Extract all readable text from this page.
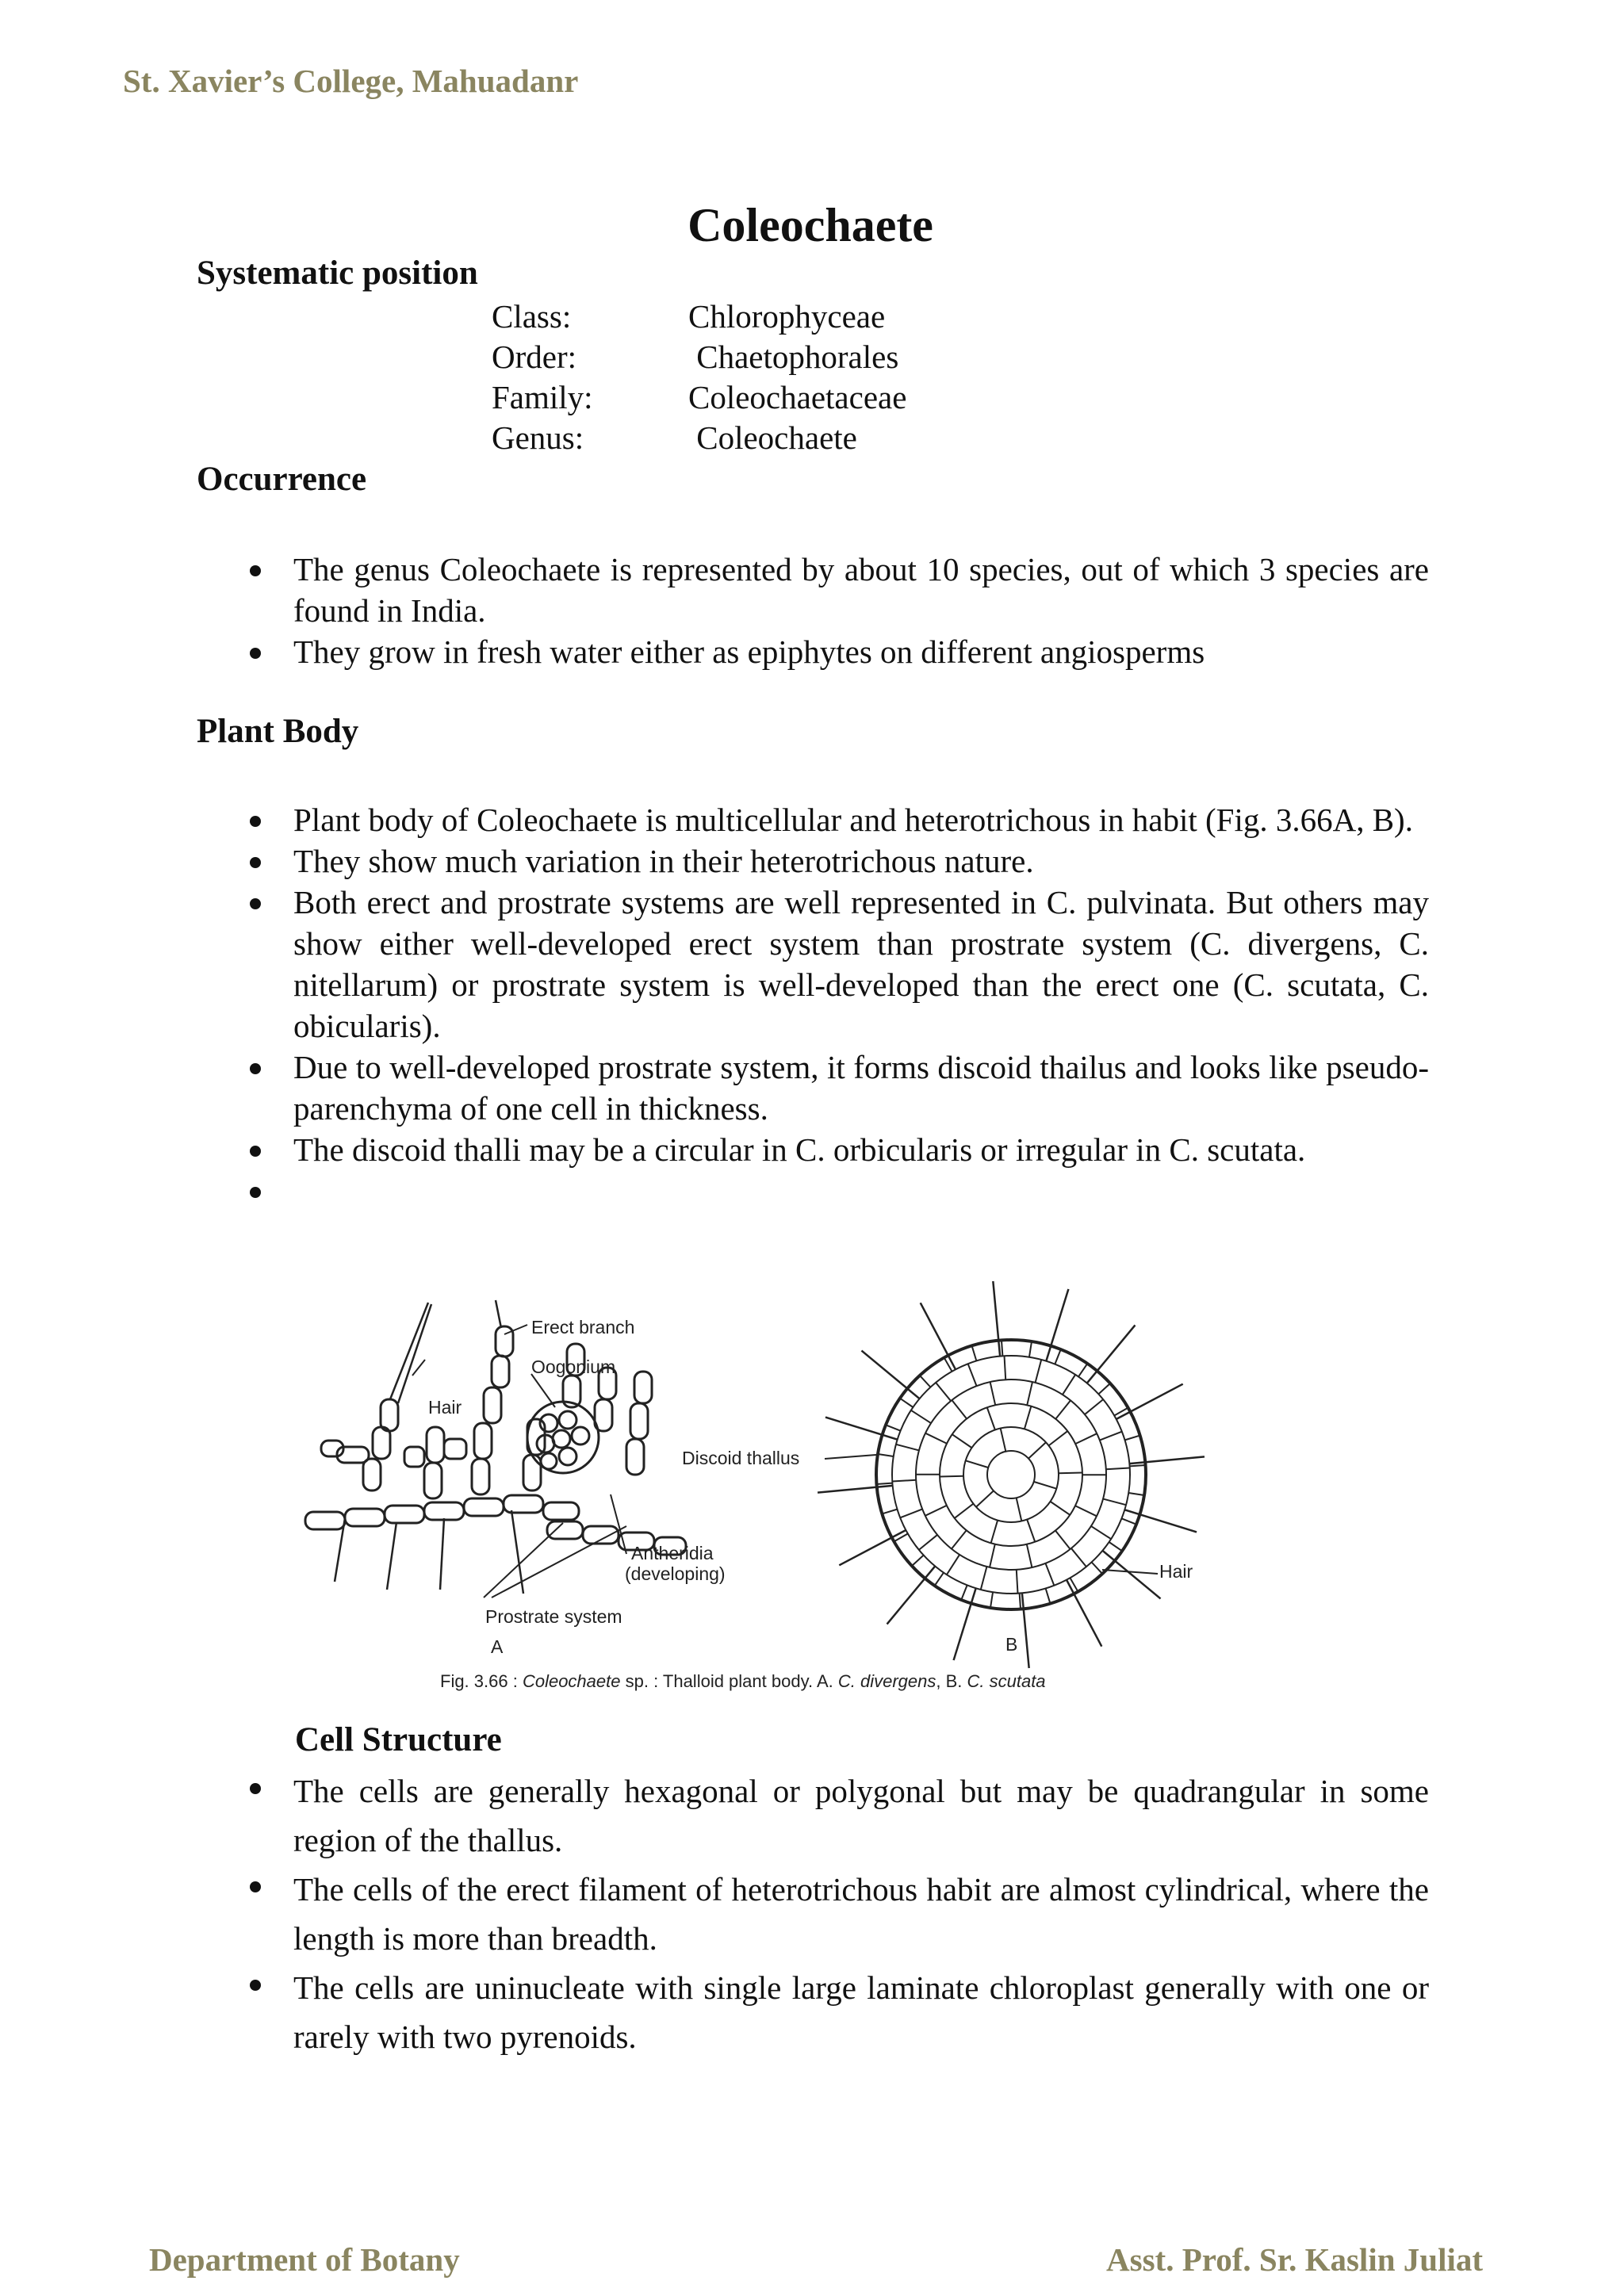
St. Xavier’s College, Mahuadanr
Coleochaete
Systematic position
Class:	Chlorophyceae
Order:	Chaetophorales
Family:	Coleochaetaceae
Genus:	Coleochaete
Occurrence
The genus Coleochaete is represented by about 10 species, out of which 3 species are found in India.
They grow in fresh water either as epiphytes on different angiosperms
Plant Body
Plant body of Coleochaete is multicellular and heterotrichous in habit (Fig. 3.66A, B).
They show much variation in their heterotrichous nature.
Both erect and prostrate systems are well represented in C. pulvinata. But others may show either well-developed erect system than prostrate system (C. divergens, C. nitellarum) or prostrate system is well-developed than the erect one (C. scutata, C. obicularis).
Due to well-developed prostrate system, it forms discoid thailus and looks like pseudo- parenchyma of one cell in thickness.
The discoid thalli may be a circular in C. orbicularis or irregular in C. scutata.
Erect branch
Oogonium
Hair
Discoid thallus
Antheridia
(developing)	Hair
Prostrate system
A	B
Fig. 3.66 : Coleochaete sp. : Thalloid plant body. A. C. divergens, B. C. scutata
Cell Structure
The cells are generally hexagonal or polygonal but may be quadrangular in some region of the thallus.
The cells of the erect filament of heterotrichous habit are almost cylindrical, where the length is more than breadth.
The cells are uninucleate with single large laminate chloroplast generally with one or rarely with two pyrenoids.
Department of Botany	Asst. Prof. Sr. Kaslin Juliat
